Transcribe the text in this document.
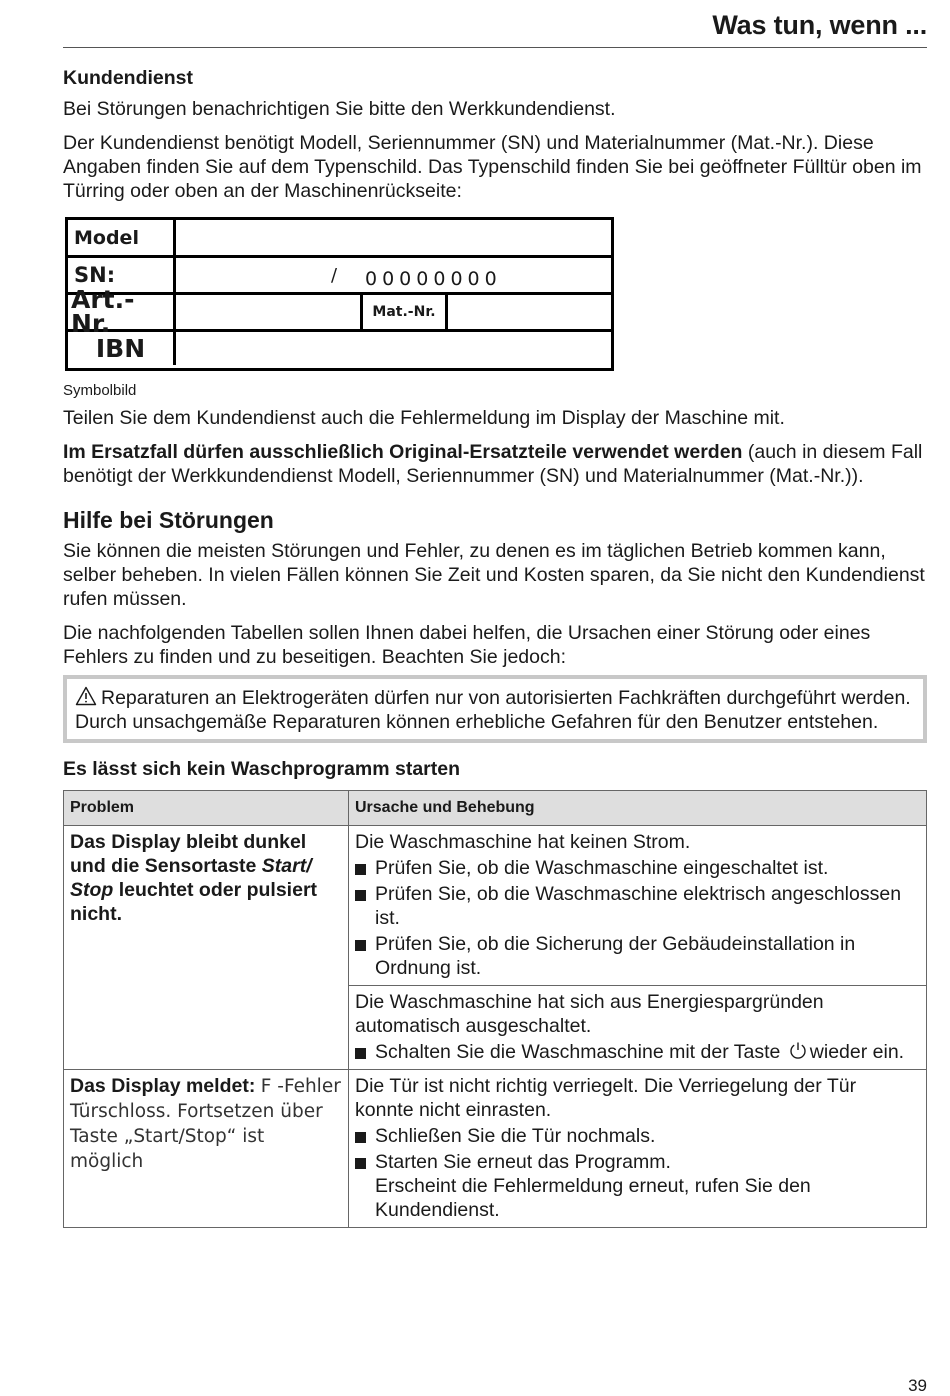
Was tun, wenn ...
Kundendienst

Bei Störungen benachrichtigen Sie bitte den Werkkundendienst.

Der Kundendienst benötigt Modell, Seriennummer (SN) und Materialnummer (Mat.-Nr.). Diese Angaben finden Sie auf dem Typenschild. Das Typenschild finden Sie bei geöffneter Fülltür oben im Türring oder oben an der Maschinenrückseite:

Model
SN:	/ 00000000
Art.-Nr.	Mat.-Nr.
IBN
Symbolbild

Teilen Sie dem Kundendienst auch die Fehlermeldung im Display der Maschine mit.

Im Ersatzfall dürfen ausschließlich Original-Ersatzteile verwendet werden (auch in diesem Fall benötigt der Werkkundendienst Modell, Seriennummer (SN) und Materialnummer (Mat.-Nr.)).

Hilfe bei Störungen

Sie können die meisten Störungen und Fehler, zu denen es im täglichen Betrieb kommen kann, selber beheben. In vielen Fällen können Sie Zeit und Kosten sparen, da Sie nicht den Kundendienst rufen müssen.

Die nachfolgenden Tabellen sollen Ihnen dabei helfen, die Ursachen einer Störung oder eines Fehlers zu finden und zu beseitigen. Beachten Sie jedoch:

Reparaturen an Elektrogeräten dürfen nur von autorisierten Fachkräften durchgeführt werden. Durch unsachgemäße Reparaturen können erhebliche Gefahren für den Benutzer entstehen.
Es lässt sich kein Waschprogramm starten
Problem	Ursache und Behebung
Das Display bleibt dunkel und die Sensortaste Start/ Stop leuchtet oder pulsiert nicht.	Die Waschmaschine hat keinen Strom.
Prüfen Sie, ob die Waschmaschine eingeschaltet ist.
Prüfen Sie, ob die Waschmaschine elektrisch angeschlossen ist.
Prüfen Sie, ob die Sicherung der Gebäudeinstallation in Ordnung ist.

	Die Waschmaschine hat sich aus Energiespargründen automatisch ausgeschaltet.
Schalten Sie die Waschmaschine mit der Taste wieder ein.

Das Display meldet: F -Fehler Türschloss. Fortsetzen über Taste „Start/Stop“ ist möglich	Die Tür ist nicht richtig verriegelt. Die Verriegelung der Tür konnte nicht einrasten.
Schließen Sie die Tür nochmals.
Starten Sie erneut das Programm.
Erscheint die Fehlermeldung erneut, rufen Sie den Kundendienst.
39
